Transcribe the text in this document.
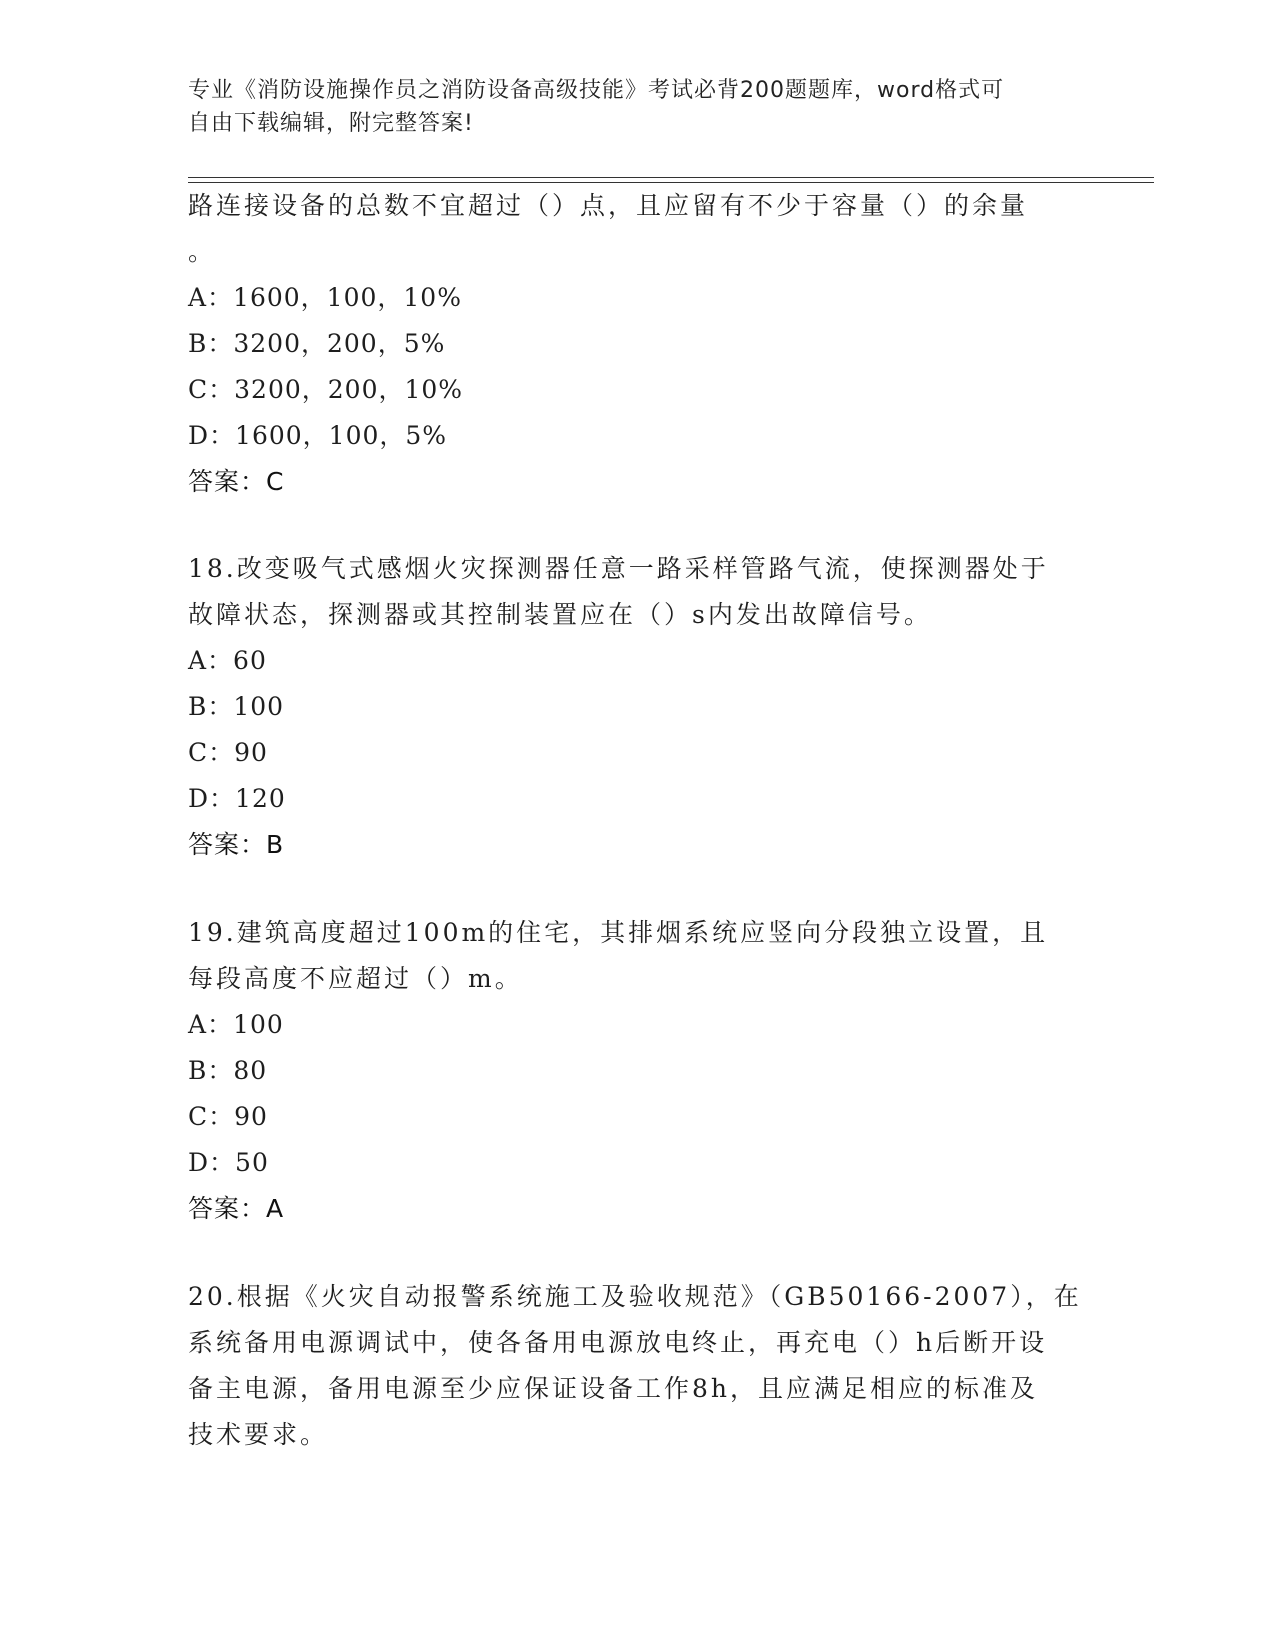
专业《消防设施操作员之消防设备高级技能》考试必背200题题库，word格式可
自由下载编辑，附完整答案!
路连接设备的总数不宜超过（）点，且应留有不少于容量（）的余量
。
A：1600，100，10%
B：3200，200，5%
C：3200，200，10%
D：1600，100，5%
答案：C
18.改变吸气式感烟火灾探测器任意一路采样管路气流，使探测器处于
故障状态，探测器或其控制装置应在（）s内发出故障信号。
A：60
B：100
C：90
D：120
答案：B
19.建筑高度超过100m的住宅，其排烟系统应竖向分段独立设置，且
每段高度不应超过（）m。
A：100
B：80
C：90
D：50
答案：A
20.根据《火灾自动报警系统施工及验收规范》（GB50166-2007），在
系统备用电源调试中，使各备用电源放电终止，再充电（）h后断开设
备主电源，备用电源至少应保证设备工作8h，且应满足相应的标准及
技术要求。
